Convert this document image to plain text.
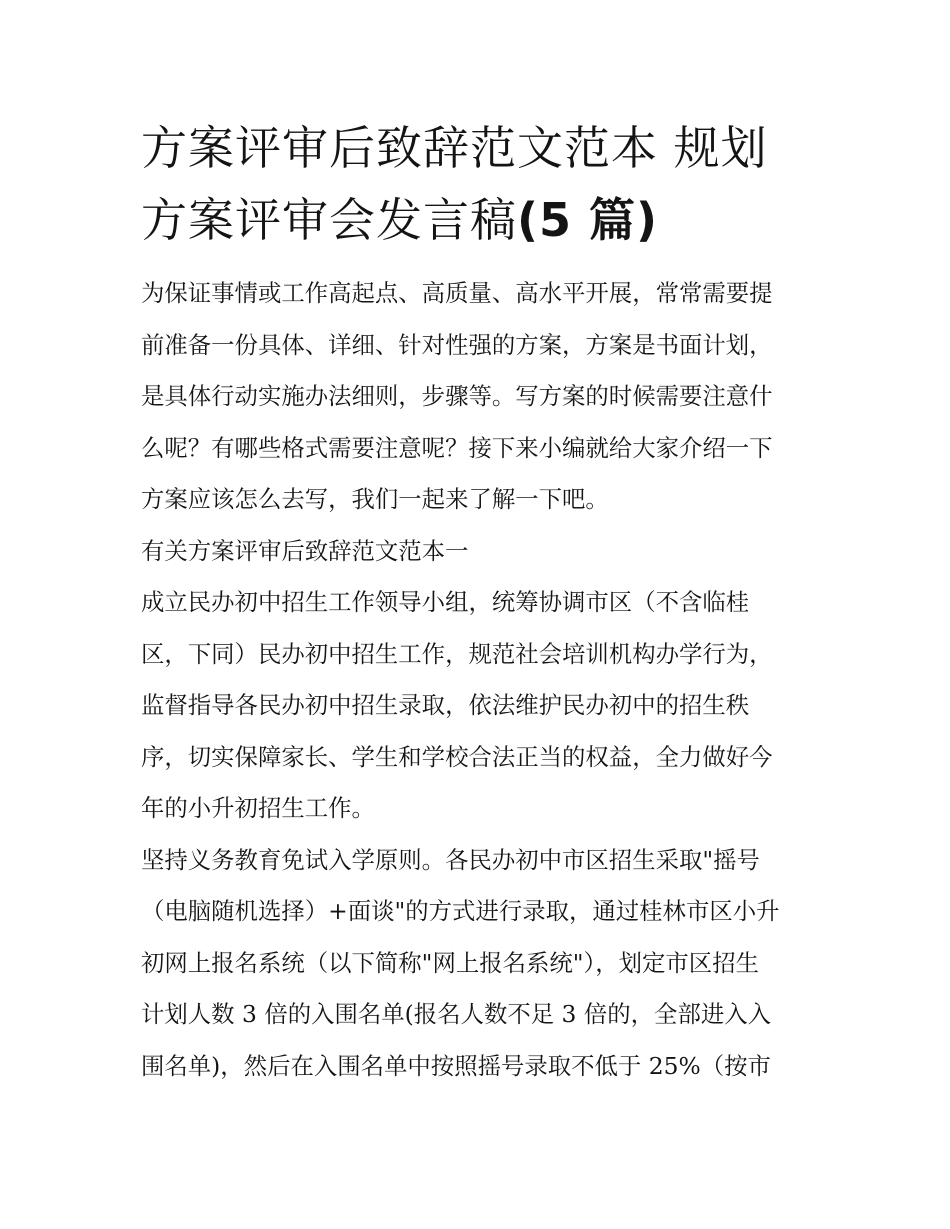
方案评审后致辞范文范本 规划
方案评审会发言稿(5 篇)

为保证事情或工作高起点、高质量、高水平开展，常常需要提
前准备一份具体、详细、针对性强的方案，方案是书面计划，
是具体行动实施办法细则，步骤等。写方案的时候需要注意什
么呢？有哪些格式需要注意呢？接下来小编就给大家介绍一下
方案应该怎么去写，我们一起来了解一下吧。

有关方案评审后致辞范文范本一

成立民办初中招生工作领导小组，统筹协调市区（不含临桂
区，下同）民办初中招生工作，规范社会培训机构办学行为，
监督指导各民办初中招生录取，依法维护民办初中的招生秩
序，切实保障家长、学生和学校合法正当的权益，全力做好今
年的小升初招生工作。

坚持义务教育免试入学原则。各民办初中市区招生采取"摇号
（电脑随机选择）+面谈"的方式进行录取，通过桂林市区小升
初网上报名系统（以下简称"网上报名系统"），划定市区招生
计划人数 3 倍的入围名单(报名人数不足 3 倍的，全部进入入
围名单)，然后在入围名单中按照摇号录取不低于 25%（按市
